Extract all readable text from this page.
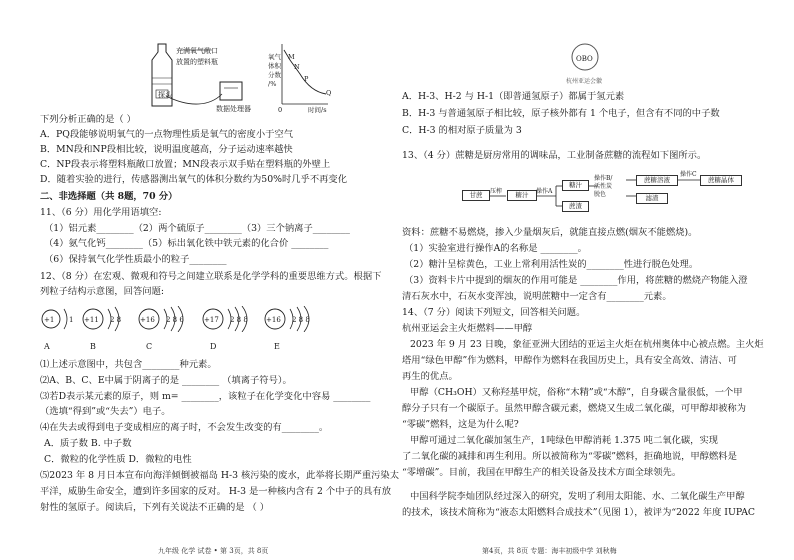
充满氧气敞口
放置的塑料瓶
探头
数据处理器
氧气
体积
分数
/%
M
N
P
Q
0	时间/s
下列分析正确的是（ ）
A．PQ段能够说明氧气的一点物理性质是氧气的密度小于空气
B．MN段和NP段相比较，说明温度越高，分子运动速率越快
C．NP段表示将塑料瓶敞口放置；MN段表示双手贴在塑料瓶的外壁上
D．随着实验的进行，传感器测出氧气的体积分数约为50%时几乎不再变化
二、非选择题（共 8题，70 分）
11、（6 分）用化学用语填空:
（1）铝元素________（2）两个硫原子________（3）三个钠离子________
（4）氨气化钙________（5）标出氧化铁中铁元素的化合价 ________
（6）保持氧气化学性质最小的粒子________
12、（8 分）在宏观、微观和符号之间建立联系是化学学科的重要思维方式。根据下
列粒子结构示意图，回答问题:
+1 1 +11 2 8	+16 2 8 6	+17 2 8 8	+16 2 8 8
A	B	C	D	E
⑴上述示意图中，共包含________种元素。
⑵A、B、C、E中属于阴离子的是 ________ （填离子符号）。
⑶若D表示某元素的原子，则 m= ________，该粒子在化学变化中容易 ________
（选填“得到”或“失去”）电子。
⑷在失去或得到电子变成相应的离子时，不会发生改变的有________。
A．质子数 B. 中子数
C．微粒的化学性质 D．微粒的电性
⑸2023 年 8 月日本宣布向海洋倾倒被福岛 H-3 核污染的废水，此举将长期严重污染太
平洋，威胁生命安全，遭到许多国家的反对。 H-3 是一种核内含有 2 个中子的具有放
射性的氢原子。阅读后，下列有关说法不正确的是 （ ）
九年级 化学 试卷 • 第 3页，共 8页
OBO
杭州亚运会徽
A．H-3、H-2 与 H-1（即普通氢原子）都属于氢元素
B．H-3 与普通氢原子相比较，原子核外都有 1 个电子，但含有不同的中子数
C．H-3 的相对原子质量为 3
13、（4 分）蔗糖是厨房常用的调味品，工业制备蔗糖的流程如下图所示。
甘蔗	糖汁
糖汁
蔗渣
蔗糖溶液
滤渣
蔗糖晶体
压榨	操作A
操作B/
活性炭
脱色
操作C
资料：蔗糖不易燃烧，掺入少量烟灰后，就能直接点燃(烟灰不能燃烧)。
（1）实验室进行操作A的名称是 ________。
（2）糖汁呈棕黄色，工业上常利用活性炭的________性进行脱色处理。
（3）资料卡片中提到的烟灰的作用可能是 ________作用，将蔗糖的燃烧产物能入澄
清石灰水中，石灰水变浑浊，说明蔗糖中一定含有________元素。
14、（7 分）阅读下列短文，回答相关问题。
杭州亚运会主火炬燃料——甲醇
2023 年 9 月 23 日晚，象征亚洲大团结的亚运主火炬在杭州奥体中心被点燃。主火炬
塔用“绿色甲醇”作为燃料，甲醇作为燃料在我国历史上，具有安全高效、清洁、可
再生的优点。
甲醇（CH₃OH）又称羟基甲烷，俗称“木精”或“木醇”，自身碳含量很低，一个甲
醇分子只有一个碳原子。虽然甲醇含碳元素，燃烧又生成二氧化碳，可甲醇却被称为
“零碳”燃料，这是为什么呢?
甲醇可通过二氧化碳加氢生产，1吨绿色甲醇消耗 1.375 吨二氧化碳，实现
了二氧化碳的减排和再生利用。所以被简称为“零碳”燃料，拒确地说，甲醇燃料是
“零增碳”。目前，我国在甲醇生产的相关设备及技术方面全球领先。
中国科学院李灿团队经过深入的研究，发明了利用太阳能、水、二氧化碳生产甲醇
的技术，该技术简称为“液态太阳燃料合成技术”（见图 1），被评为“2022 年度 IUPAC
第4页，共 8页 专题：海丰初级中学 刘秋梅
